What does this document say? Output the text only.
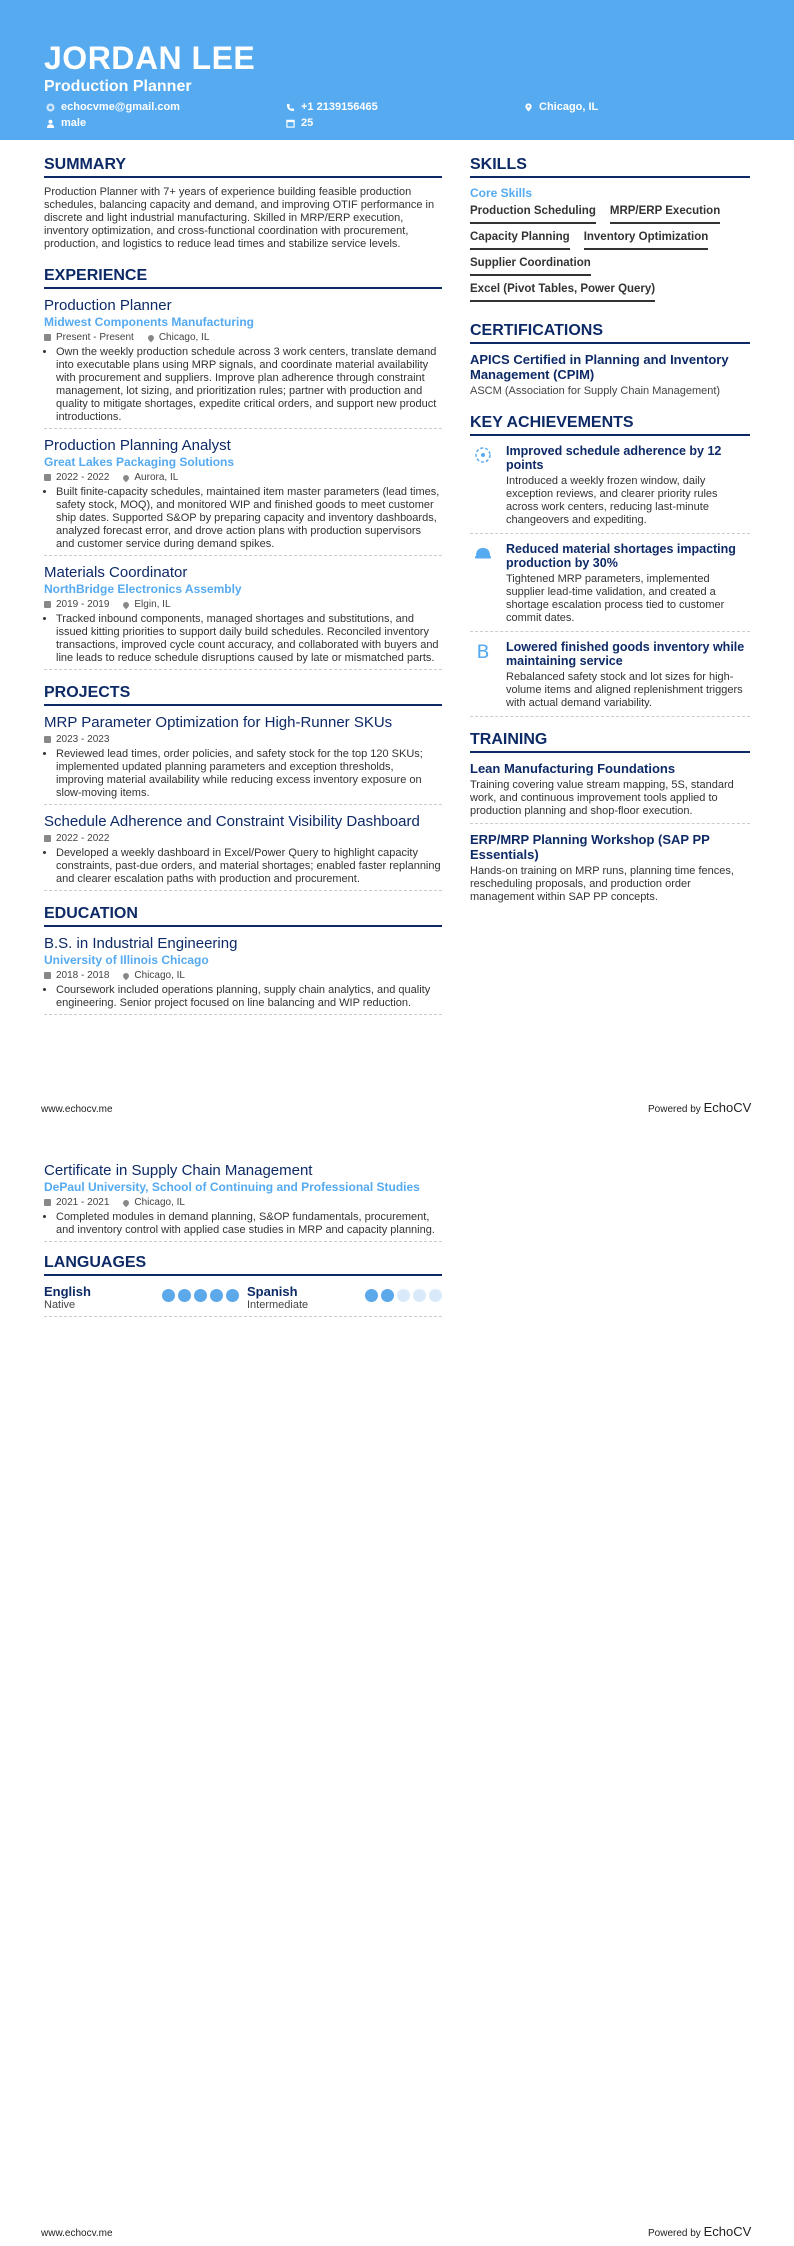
JORDAN LEE
Production Planner
echocvme@gmail.com	+1 2139156465	Chicago, IL
male	25
SUMMARY

Production Planner with 7+ years of experience building feasible production schedules, balancing capacity and demand, and improving OTIF performance in discrete and light industrial manufacturing. Skilled in MRP/ERP execution, inventory optimization, and cross-functional coordination with procurement, production, and logistics to reduce lead times and stabilize service levels.

EXPERIENCE

Production Planner

Midwest Components Manufacturing

Present - Present	Chicago, IL
• Own the weekly production schedule across 3 work centers, translate demand into executable plans using MRP signals, and coordinate material availability with procurement and suppliers. Improve plan adherence through constraint management, lot sizing, and prioritization rules; partner with production and quality to mitigate shortages, expedite critical orders, and support new product introductions.

Production Planning Analyst

Great Lakes Packaging Solutions

2022 - 2022	Aurora, IL
• Built finite-capacity schedules, maintained item master parameters (lead times, safety stock, MOQ), and monitored WIP and finished goods to meet customer ship dates. Supported S&OP by preparing capacity and inventory dashboards, analyzed forecast error, and drove action plans with production supervisors and customer service during demand spikes.

Materials Coordinator

NorthBridge Electronics Assembly

2019 - 2019	Elgin, IL
• Tracked inbound components, managed shortages and substitutions, and issued kitting priorities to support daily build schedules. Reconciled inventory transactions, improved cycle count accuracy, and collaborated with buyers and line leads to reduce schedule disruptions caused by late or mismatched parts.
PROJECTS

MRP Parameter Optimization for High-Runner SKUs

2023 - 2023
• Reviewed lead times, order policies, and safety stock for the top 120 SKUs; implemented updated planning parameters and exception thresholds, improving material availability while reducing excess inventory exposure on slow-moving items.

Schedule Adherence and Constraint Visibility Dashboard

2022 - 2022
• Developed a weekly dashboard in Excel/Power Query to highlight capacity constraints, past-due orders, and material shortages; enabled faster replanning and clearer escalation paths with production and procurement.
EDUCATION

B.S. in Industrial Engineering

University of Illinois Chicago

2018 - 2018	Chicago, IL
• Coursework included operations planning, supply chain analytics, and quality engineering. Senior project focused on line balancing and WIP reduction.
SKILLS

Core Skills

Production Scheduling MRP/ERP Execution
Capacity Planning Inventory Optimization
Supplier Coordination
Excel (Pivot Tables, Power Query)
CERTIFICATIONS

APICS Certified in Planning and Inventory Management (CPIM)

ASCM (Association for Supply Chain Management)

KEY ACHIEVEMENTS

Improved schedule adherence by 12 points

Introduced a weekly frozen window, daily exception reviews, and clearer priority rules across work centers, reducing last-minute changeovers and expediting.

Reduced material shortages impacting production by 30%

Tightened MRP parameters, implemented supplier lead-time validation, and created a shortage escalation process tied to customer commit dates.

B Lowered finished goods inventory while maintaining service

Rebalanced safety stock and lot sizes for high-volume items and aligned replenishment triggers with actual demand variability.

TRAINING

Lean Manufacturing Foundations

Training covering value stream mapping, 5S, standard work, and continuous improvement tools applied to production planning and shop-floor execution.

ERP/MRP Planning Workshop (SAP PP Essentials)

Hands-on training on MRP runs, planning time fences, rescheduling proposals, and production order management within SAP PP concepts.

www.echocv.me	Powered by EchoCV

Certificate in Supply Chain Management

DePaul University, School of Continuing and Professional Studies

2021 - 2021	Chicago, IL
• Completed modules in demand planning, S&OP fundamentals, procurement, and inventory control with applied case studies in MRP and capacity planning.
LANGUAGES

English

Native

Spanish

Intermediate

www.echocv.me	Powered by EchoCV
